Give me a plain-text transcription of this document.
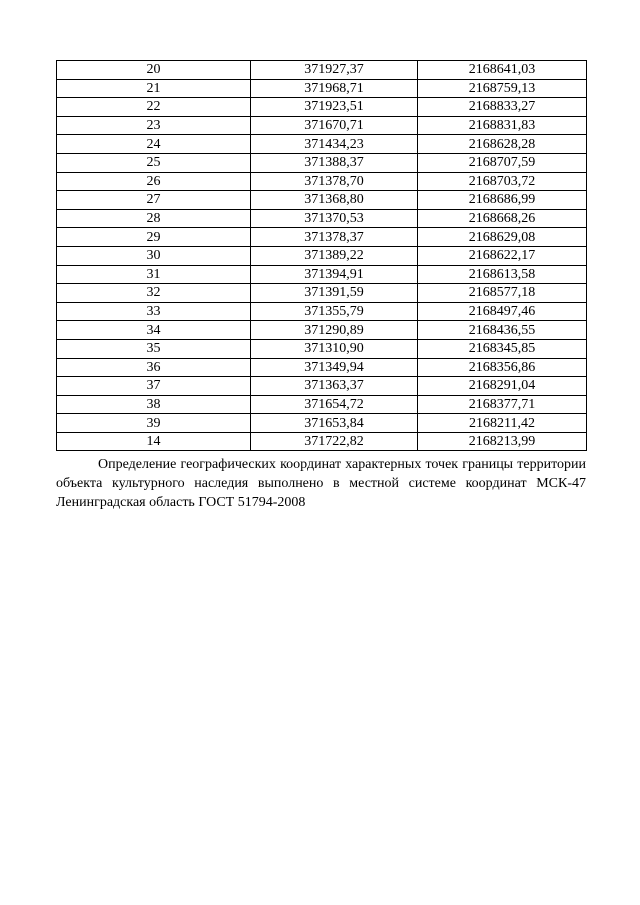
20	371927,37	2168641,03
21	371968,71	2168759,13
22	371923,51	2168833,27
23	371670,71	2168831,83
24	371434,23	2168628,28
25	371388,37	2168707,59
26	371378,70	2168703,72
27	371368,80	2168686,99
28	371370,53	2168668,26
29	371378,37	2168629,08
30	371389,22	2168622,17
31	371394,91	2168613,58
32	371391,59	2168577,18
33	371355,79	2168497,46
34	371290,89	2168436,55
35	371310,90	2168345,85
36	371349,94	2168356,86
37	371363,37	2168291,04
38	371654,72	2168377,71
39	371653,84	2168211,42
14	371722,82	2168213,99

Определение географических координат характерных точек границы территории объекта культурного наследия выполнено в местной системе координат МСК-47 Ленинградская область ГОСТ 51794-2008
